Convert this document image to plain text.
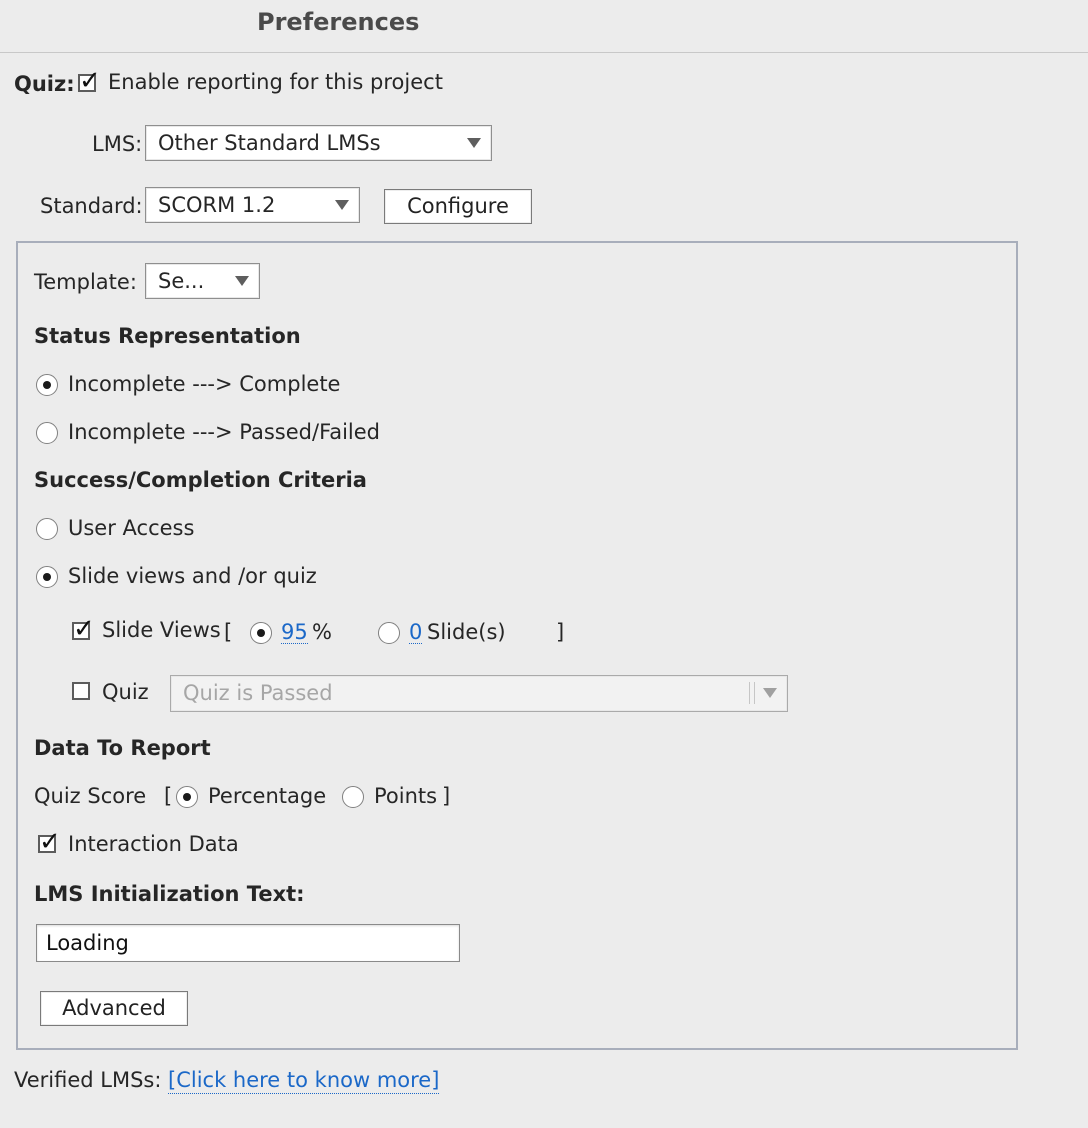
Preferences
Quiz: ✓ Enable reporting for this project
LMS: Other Standard LMSs
Standard: SCORM 1.2	Configure
Template: Se...
Status Representation
Incomplete ---> Complete
Incomplete ---> Passed/Failed
Success/Completion Criteria
User Access
Slide views and /or quiz
✓ Slide Views [ 95 %	0 Slide(s) ]
Quiz Quiz is Passed
Data To Report
Quiz Score [ Percentage Points ]
✓ Interaction Data
LMS Initialization Text:
Loading
Advanced
Verified LMSs: [Click here to know more]
